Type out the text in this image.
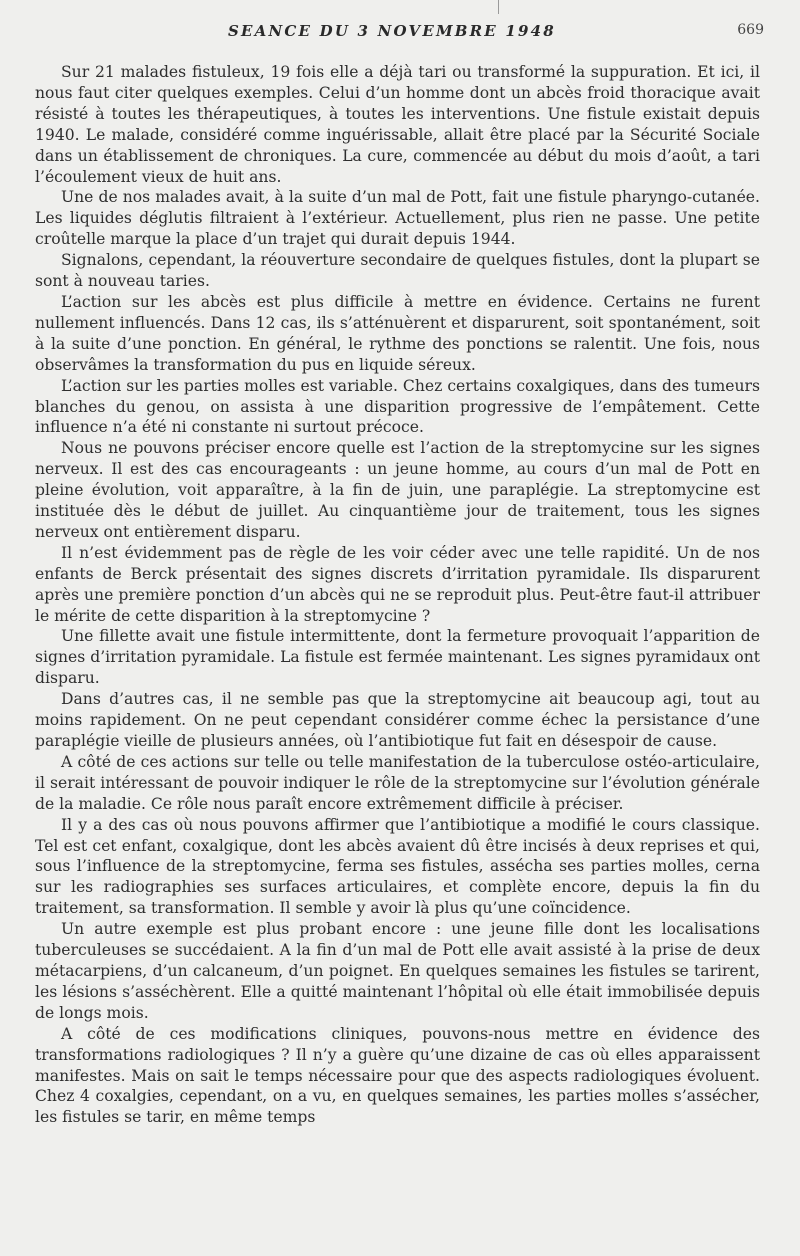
SEANCE DU 3 NOVEMBRE 1948	669

Sur 21 malades fistuleux, 19 fois elle a déjà tari ou transformé la suppuration. Et ici, il nous faut citer quelques exemples. Celui d’un homme dont un abcès froid thoracique avait résisté à toutes les thérapeutiques, à toutes les interventions. Une fistule existait depuis 1940. Le malade, considéré comme inguérissable, allait être placé par la Sécurité Sociale dans un établissement de chroniques. La cure, commencée au début du mois d’août, a tari l’écoulement vieux de huit ans.

Une de nos malades avait, à la suite d’un mal de Pott, fait une fistule pharyngo-cutanée. Les liquides déglutis filtraient à l’extérieur. Actuellement, plus rien ne passe. Une petite croûtelle marque la place d’un trajet qui durait depuis 1944.

Signalons, cependant, la réouverture secondaire de quelques fistules, dont la plupart se sont à nouveau taries.

L’action sur les abcès est plus difficile à mettre en évidence. Certains ne furent nullement influencés. Dans 12 cas, ils s’atténuèrent et disparurent, soit spontanément, soit à la suite d’une ponction. En général, le rythme des ponctions se ralentit. Une fois, nous observâmes la transformation du pus en liquide séreux.

L’action sur les parties molles est variable. Chez certains coxalgiques, dans des tumeurs blanches du genou, on assista à une disparition progressive de l’empâtement. Cette influence n’a été ni constante ni surtout précoce.

Nous ne pouvons préciser encore quelle est l’action de la streptomycine sur les signes nerveux. Il est des cas encourageants : un jeune homme, au cours d’un mal de Pott en pleine évolution, voit apparaître, à la fin de juin, une paraplégie. La streptomycine est instituée dès le début de juillet. Au cinquantième jour de traitement, tous les signes nerveux ont entièrement disparu.

Il n’est évidemment pas de règle de les voir céder avec une telle rapidité. Un de nos enfants de Berck présentait des signes discrets d’irritation pyramidale. Ils disparurent après une première ponction d’un abcès qui ne se reproduit plus. Peut-être faut-il attribuer le mérite de cette disparition à la streptomycine ?

Une fillette avait une fistule intermittente, dont la fermeture provoquait l’apparition de signes d’irritation pyramidale. La fistule est fermée maintenant. Les signes pyramidaux ont disparu.

Dans d’autres cas, il ne semble pas que la streptomycine ait beaucoup agi, tout au moins rapidement. On ne peut cependant considérer comme échec la persistance d’une paraplégie vieille de plusieurs années, où l’antibiotique fut fait en désespoir de cause.

A côté de ces actions sur telle ou telle manifestation de la tuberculose ostéo-articulaire, il serait intéressant de pouvoir indiquer le rôle de la streptomycine sur l’évolution générale de la maladie. Ce rôle nous paraît encore extrêmement difficile à préciser.

Il y a des cas où nous pouvons affirmer que l’antibiotique a modifié le cours classique. Tel est cet enfant, coxalgique, dont les abcès avaient dû être incisés à deux reprises et qui, sous l’influence de la streptomycine, ferma ses fistules, assécha ses parties molles, cerna sur les radiographies ses surfaces articulaires, et complète encore, depuis la fin du traitement, sa transformation. Il semble y avoir là plus qu’une coïncidence.

Un autre exemple est plus probant encore : une jeune fille dont les localisations tuberculeuses se succédaient. A la fin d’un mal de Pott elle avait assisté à la prise de deux métacarpiens, d’un calcaneum, d’un poignet. En quelques semaines les fistules se tarirent, les lésions s’asséchèrent. Elle a quitté maintenant l’hôpital où elle était immobilisée depuis de longs mois.

A côté de ces modifications cliniques, pouvons-nous mettre en évidence des transformations radiologiques ? Il n’y a guère qu’une dizaine de cas où elles apparaissent manifestes. Mais on sait le temps nécessaire pour que des aspects radiologiques évoluent. Chez 4 coxalgies, cependant, on a vu, en quelques semaines, les parties molles s’assécher, les fistules se tarir, en même temps
